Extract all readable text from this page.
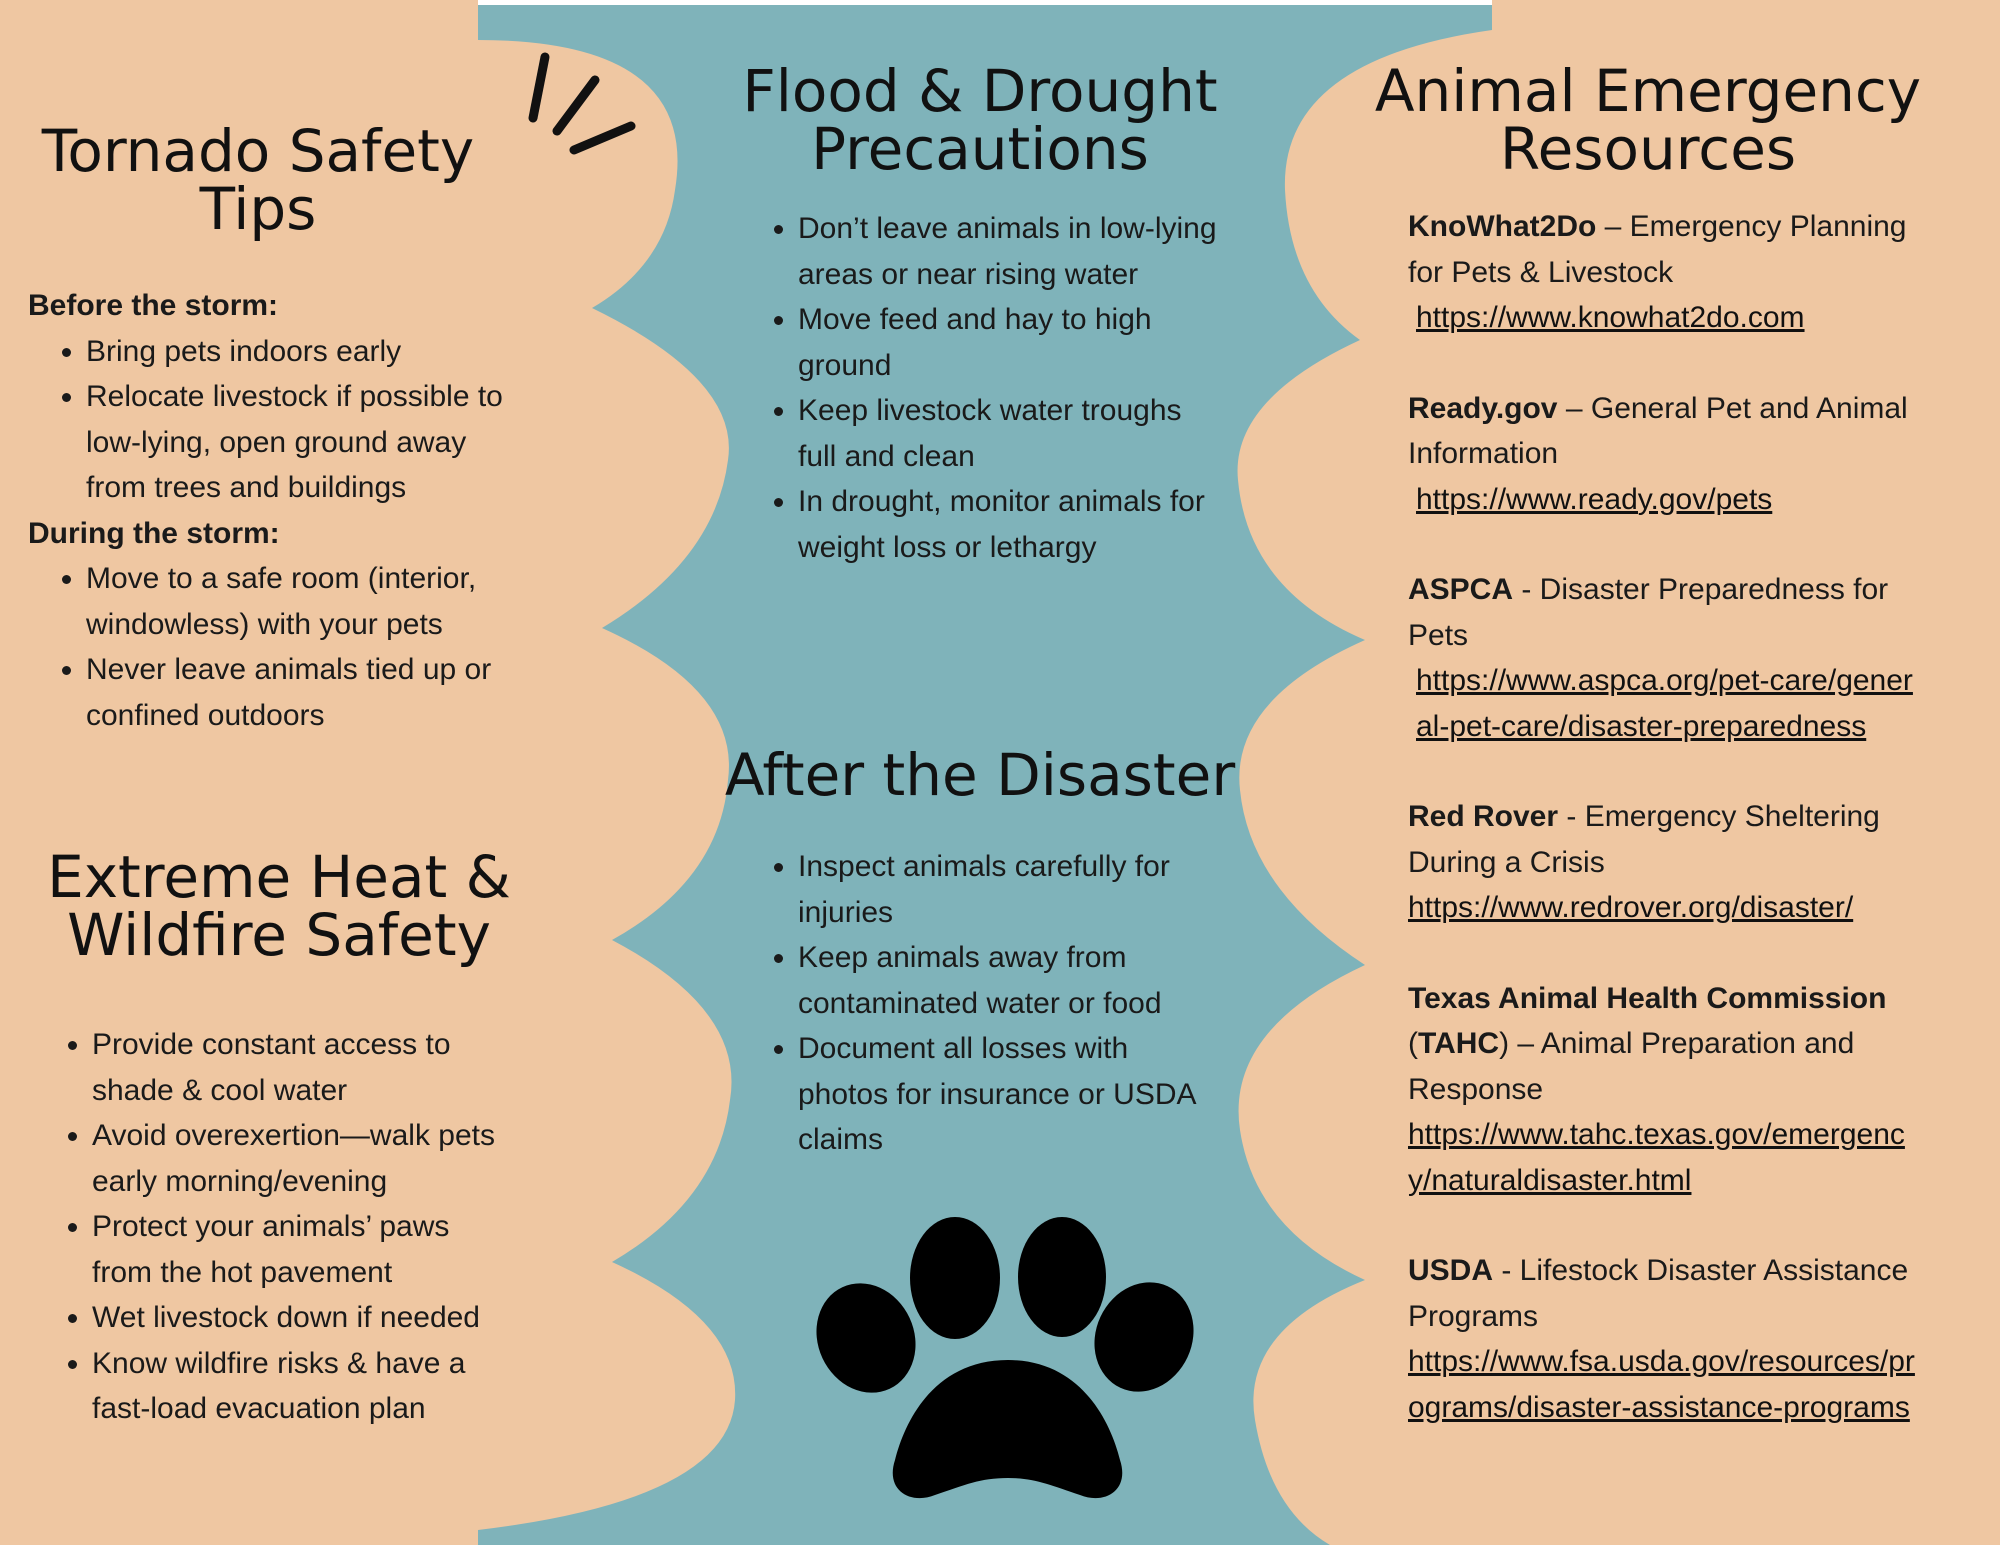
Tornado Safety Tips
Before the storm:
• Bring pets indoors early
• Relocate livestock if possible to low-lying, open ground away from trees and buildings
During the storm:
• Move to a safe room (interior, windowless) with your pets
• Never leave animals tied up or confined outdoors
Extreme Heat & Wildfire Safety
• Provide constant access to shade & cool water
• Avoid overexertion—walk pets early morning/evening
• Protect your animals’ paws from the hot pavement
• Wet livestock down if needed
• Know wildfire risks & have a fast-load evacuation plan
Flood & Drought Precautions
• Don’t leave animals in low-lying areas or near rising water
• Move feed and hay to high ground
• Keep livestock water troughs full and clean
• In drought, monitor animals for weight loss or lethargy
After the Disaster
• Inspect animals carefully for injuries
• Keep animals away from contaminated water or food
• Document all losses with photos for insurance or USDA claims
Animal Emergency Resources
KnoWhat2Do – Emergency Planning for Pets & Livestock
https://www.knowhat2do.com
Ready.gov – General Pet and Animal Information
https://www.ready.gov/pets
ASPCA - Disaster Preparedness for Pets
https://www.aspca.org/pet-care/general-pet-care/disaster-preparedness
Red Rover - Emergency Sheltering During a Crisis
https://www.redrover.org/disaster/
Texas Animal Health Commission (TAHC) – Animal Preparation and Response
https://www.tahc.texas.gov/emergency/naturaldisaster.html
USDA - Lifestock Disaster Assistance Programs
https://www.fsa.usda.gov/resources/programs/disaster-assistance-programs
